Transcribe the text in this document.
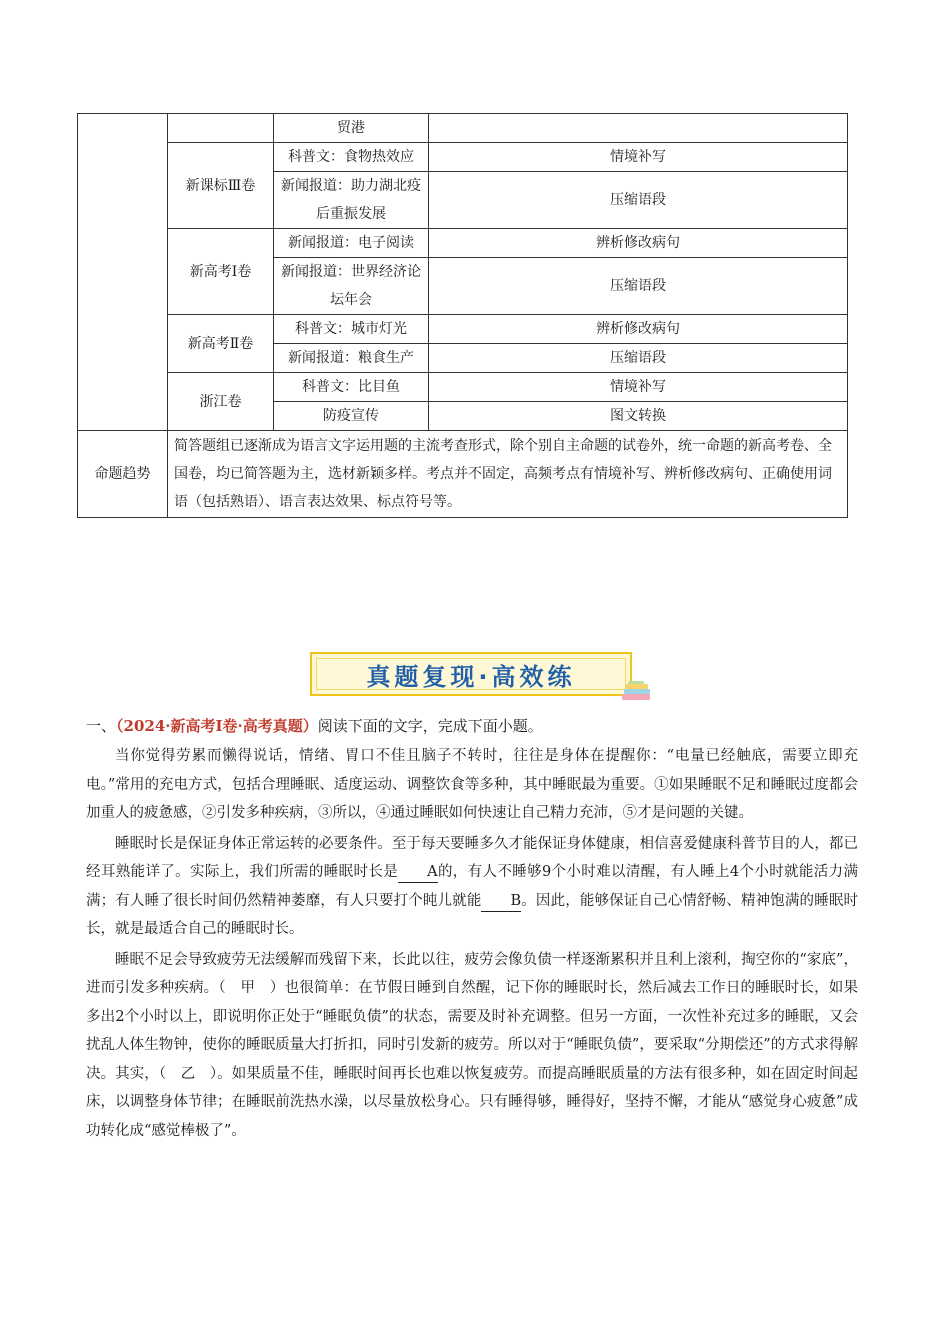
		贸港	
	新课标Ⅲ卷	科普文：食物热效应	情境补写
		新闻报道：助力湖北疫后重振发展	压缩语段
	新高考Ⅰ卷	新闻报道：电子阅读	辨析修改病句
		新闻报道：世界经济论坛年会	压缩语段
	新高考Ⅱ卷	科普文：城市灯光	辨析修改病句
		新闻报道：粮食生产	压缩语段
	浙江卷	科普文：比目鱼	情境补写
		防疫宣传	图文转换
命题趋势	简答题组已逐渐成为语言文字运用题的主流考查形式，除个别自主命题的试卷外，统一命题的新高考卷、全国卷，均已简答题为主，选材新颖多样。考点并不固定，高频考点有情境补写、辨析修改病句、正确使用词语（包括熟语）、语言表达效果、标点符号等。		
真题复现·高效练
一、（2024·新高考Ⅰ卷·高考真题）阅读下面的文字，完成下面小题。

当你觉得劳累而懒得说话，情绪、胃口不佳且脑子不转时，往往是身体在提醒你：“电量已经触底，需要立即充电。”常用的充电方式，包括合理睡眠、适度运动、调整饮食等多种，其中睡眠最为重要。①如果睡眠不足和睡眠过度都会加重人的疲惫感，②引发多种疾病，③所以，④通过睡眠如何快速让自己精力充沛，⑤才是问题的关键。

睡眠时长是保证身体正常运转的必要条件。至于每天要睡多久才能保证身体健康，相信喜爱健康科普节目的人，都已经耳熟能详了。实际上，我们所需的睡眠时长是 A的，有人不睡够9个小时难以清醒，有人睡上4个小时就能活力满满；有人睡了很长时间仍然精神萎靡，有人只要打个盹儿就能 B。因此，能够保证自己心情舒畅、精神饱满的睡眠时长，就是最适合自己的睡眠时长。

睡眠不足会导致疲劳无法缓解而残留下来，长此以往，疲劳会像负债一样逐渐累积并且利上滚利，掏空你的“家底”，进而引发多种疾病。（　甲　）也很简单：在节假日睡到自然醒，记下你的睡眠时长，然后减去工作日的睡眠时长，如果多出2个小时以上，即说明你正处于“睡眠负债”的状态，需要及时补充调整。但另一方面，一次性补充过多的睡眠，又会扰乱人体生物钟，使你的睡眠质量大打折扣，同时引发新的疲劳。所以对于“睡眠负债”，要采取“分期偿还”的方式求得解决。其实，（　乙　）。如果质量不佳，睡眠时间再长也难以恢复疲劳。而提高睡眠质量的方法有很多种，如在固定时间起床，以调整身体节律；在睡眠前洗热水澡，以尽量放松身心。只有睡得够，睡得好，坚持不懈，才能从“感觉身心疲惫”成功转化成“感觉棒极了”。
